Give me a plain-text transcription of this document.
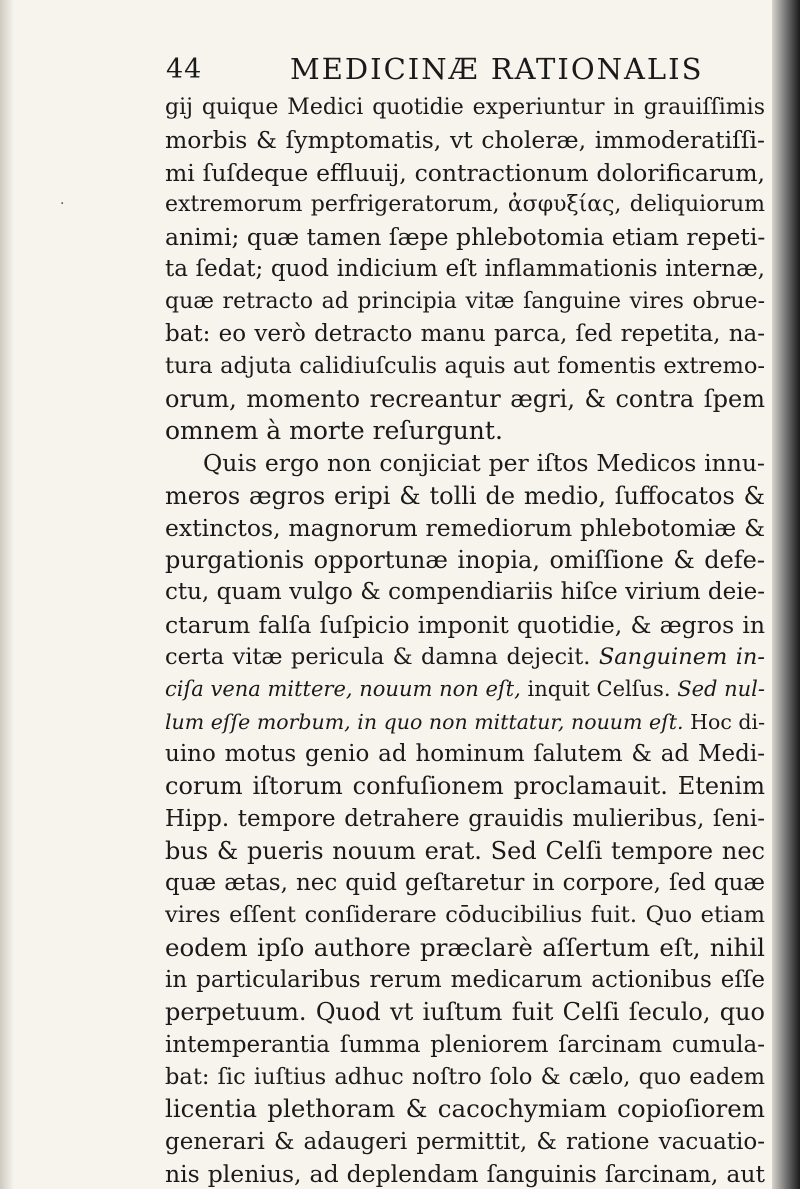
·
44	MEDICINÆ RATIONALIS
gij quique Medici quotidie experiuntur in grauiſſimis
morbis & ſymptomatis, vt choleræ, immoderatiſſi-
mi ſuſdeque effluuij, contractionum dolorificarum,
extremorum perfrigeratorum, ἀσφυξίας, deliquiorum
animi; quæ tamen ſæpe phlebotomia etiam repeti-
ta ſedat; quod indicium eſt inflammationis internæ,
quæ retracto ad principia vitæ ſanguine vires obrue-
bat: eo verò detracto manu parca, ſed repetita, na-
tura adjuta calidiuſculis aquis aut fomentis extremo-
orum, momento recreantur ægri, & contra ſpem
omnem à morte reſurgunt.
Quis ergo non conjiciat per iſtos Medicos innu-
meros ægros eripi & tolli de medio, ſuffocatos &
extinctos, magnorum remediorum phlebotomiæ &
purgationis opportunæ inopia, omiſſione & defe-
ctu, quam vulgo & compendiariis hiſce virium deie-
ctarum falſa ſuſpicio imponit quotidie, & ægros in
certa vitæ pericula & damna dejecit. Sanguinem in-
ciſa vena mittere, nouum non eſt, inquit Celſus. Sed nul-
lum eſſe morbum, in quo non mittatur, nouum eſt. Hoc di-
uino motus genio ad hominum ſalutem & ad Medi-
corum iſtorum confuſionem proclamauit. Etenim
Hipp. tempore detrahere grauidis mulieribus, ſeni-
bus & pueris nouum erat. Sed Celſi tempore nec
quæ ætas, nec quid geſtaretur in corpore, ſed quæ
vires eſſent conſiderare cōducibilius fuit. Quo etiam
eodem ipſo authore præclarè aſſertum eſt, nihil
in particularibus rerum medicarum actionibus eſſe
perpetuum. Quod vt iuſtum fuit Celſi ſeculo, quo
intemperantia ſumma pleniorem ſarcinam cumula-
bat: ſic iuſtius adhuc noſtro ſolo & cælo, quo eadem
licentia plethoram & cacochymiam copioſiorem
generari & adaugeri permittit, & ratione vacuatio-
nis plenius, ad deplendam ſanguinis ſarcinam, aut
